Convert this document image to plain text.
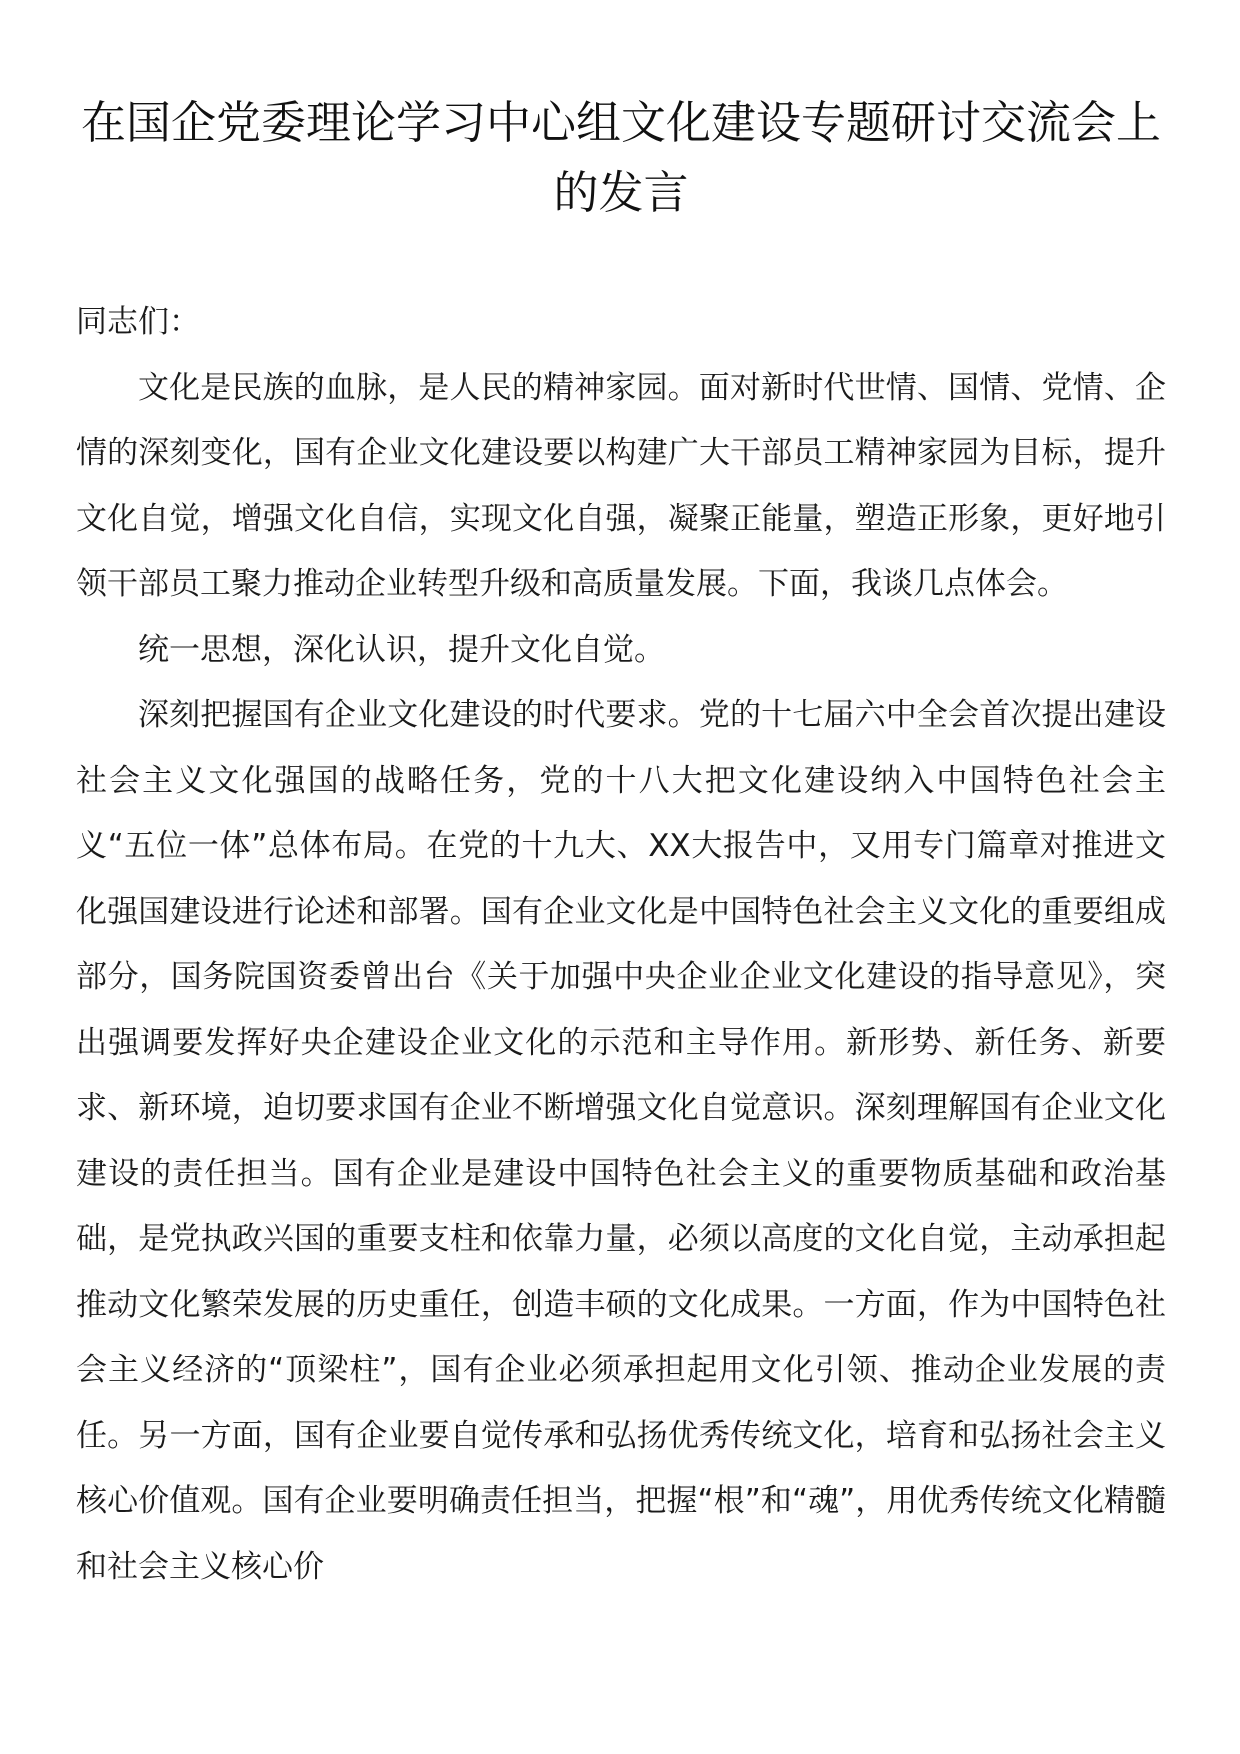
在国企党委理论学习中心组文化建设专题研讨交流会上的发言

同志们：

文化是民族的血脉，是人民的精神家园。面对新时代世情、国情、党情、企情的深刻变化，国有企业文化建设要以构建广大干部员工精神家园为目标，提升文化自觉，增强文化自信，实现文化自强，凝聚正能量，塑造正形象，更好地引领干部员工聚力推动企业转型升级和高质量发展。下面，我谈几点体会。

统一思想，深化认识，提升文化自觉。

深刻把握国有企业文化建设的时代要求。党的十七届六中全会首次提出建设社会主义文化强国的战略任务，党的十八大把文化建设纳入中国特色社会主义“五位一体”总体布局。在党的十九大、XX大报告中，又用专门篇章对推进文化强国建设进行论述和部署。国有企业文化是中国特色社会主义文化的重要组成部分，国务院国资委曾出台《关于加强中央企业企业文化建设的指导意见》，突出强调要发挥好央企建设企业文化的示范和主导作用。新形势、新任务、新要求、新环境，迫切要求国有企业不断增强文化自觉意识。深刻理解国有企业文化建设的责任担当。国有企业是建设中国特色社会主义的重要物质基础和政治基础，是党执政兴国的重要支柱和依靠力量，必须以高度的文化自觉，主动承担起推动文化繁荣发展的历史重任，创造丰硕的文化成果。一方面，作为中国特色社会主义经济的“顶梁柱”，国有企业必须承担起用文化引领、推动企业发展的责任。另一方面，国有企业要自觉传承和弘扬优秀传统文化，培育和弘扬社会主义核心价值观。国有企业要明确责任担当，把握“根”和“魂”，用优秀传统文化精髓和社会主义核心价
